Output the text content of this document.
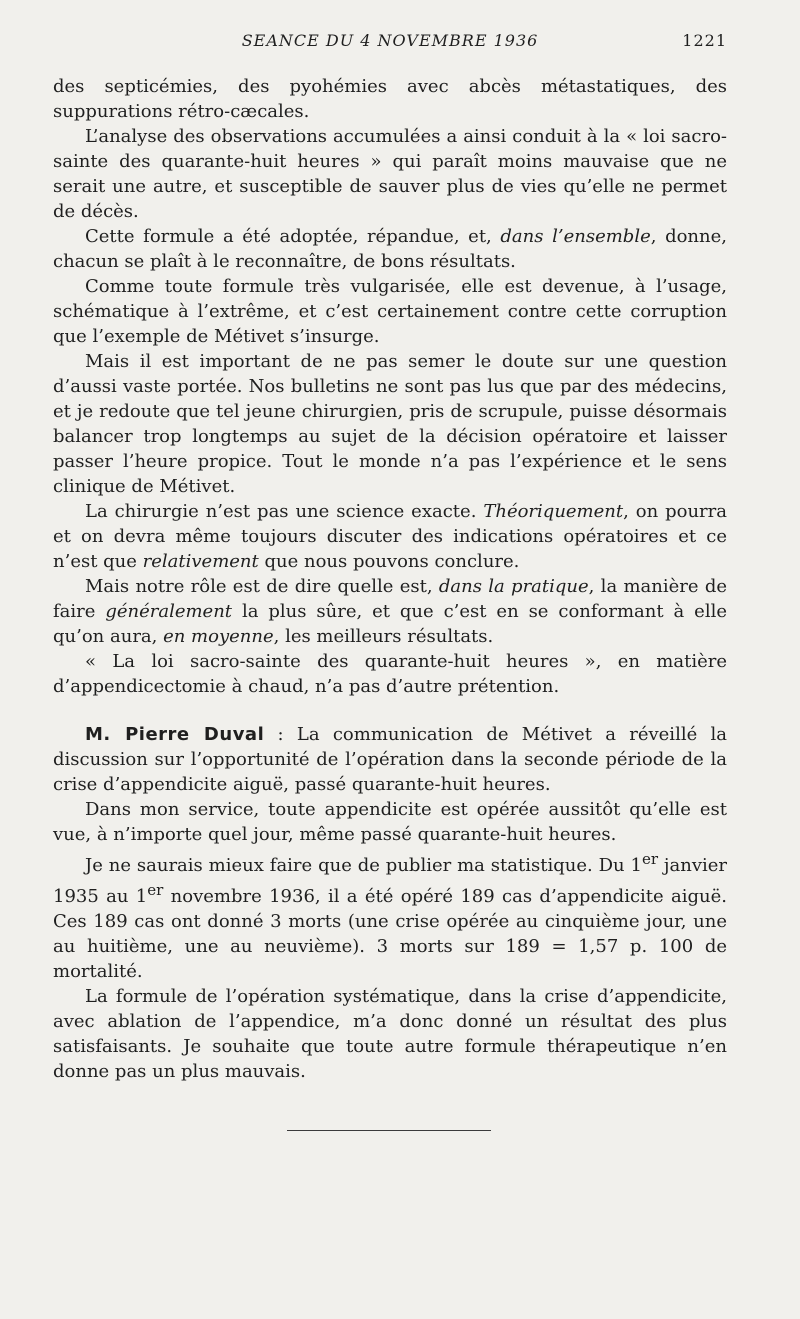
SEANCE DU 4 NOVEMBRE 1936	1221

des septicémies, des pyohémies avec abcès métastatiques, des suppurations rétro-cæcales.

L’analyse des observations accumulées a ainsi conduit à la « loi sacro-sainte des quarante-huit heures » qui paraît moins mauvaise que ne serait une autre, et susceptible de sauver plus de vies qu’elle ne permet de décès.

Cette formule a été adoptée, répandue, et, dans l’ensemble, donne, chacun se plaît à le reconnaître, de bons résultats.

Comme toute formule très vulgarisée, elle est devenue, à l’usage, schématique à l’extrême, et c’est certainement contre cette corruption que l’exemple de Métivet s’insurge.

Mais il est important de ne pas semer le doute sur une question d’aussi vaste portée. Nos bulletins ne sont pas lus que par des médecins, et je redoute que tel jeune chirurgien, pris de scrupule, puisse désormais balancer trop longtemps au sujet de la décision opératoire et laisser passer l’heure propice. Tout le monde n’a pas l’expérience et le sens clinique de Métivet.

La chirurgie n’est pas une science exacte. Théoriquement, on pourra et on devra même toujours discuter des indications opératoires et ce n’est que relativement que nous pouvons conclure.

Mais notre rôle est de dire quelle est, dans la pratique, la manière de faire généralement la plus sûre, et que c’est en se conformant à elle qu’on aura, en moyenne, les meilleurs résultats.

« La loi sacro-sainte des quarante-huit heures », en matière d’appendicectomie à chaud, n’a pas d’autre prétention.

M. Pierre Duval : La communication de Métivet a réveillé la discussion sur l’opportunité de l’opération dans la seconde période de la crise d’appendicite aiguë, passé quarante-huit heures.

Dans mon service, toute appendicite est opérée aussitôt qu’elle est vue, à n’importe quel jour, même passé quarante-huit heures.

Je ne saurais mieux faire que de publier ma statistique. Du 1er janvier 1935 au 1er novembre 1936, il a été opéré 189 cas d’appendicite aiguë. Ces 189 cas ont donné 3 morts (une crise opérée au cinquième jour, une au huitième, une au neuvième). 3 morts sur 189 = 1,57 p. 100 de mortalité.

La formule de l’opération systématique, dans la crise d’appendicite, avec ablation de l’appendice, m’a donc donné un résultat des plus satisfaisants. Je souhaite que toute autre formule thérapeutique n’en donne pas un plus mauvais.
